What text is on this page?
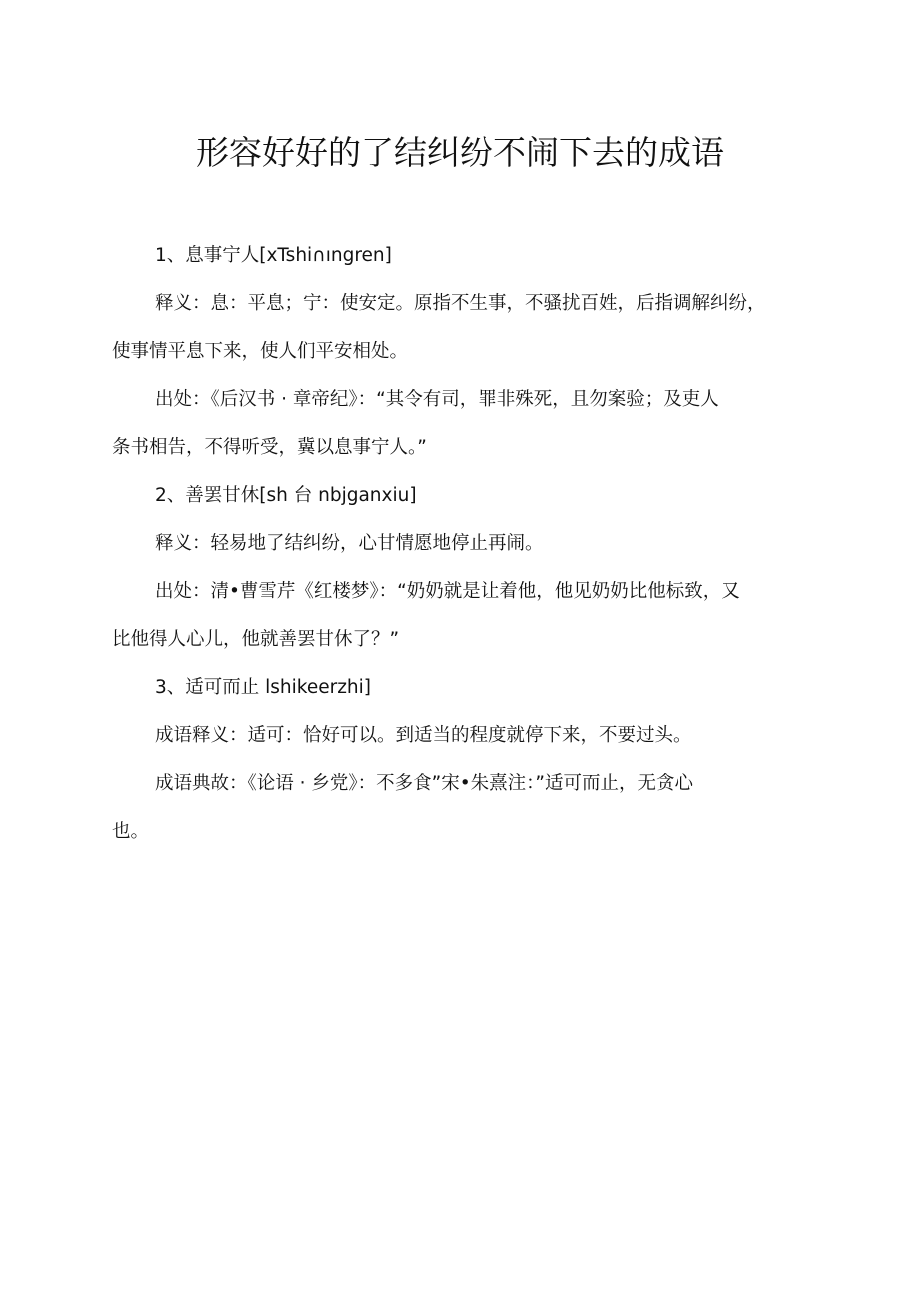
形容好好的了结纠纷不闹下去的成语
1、息事宁人[xTshi∩ıngren]
释义：息：平息；宁：使安定。原指不生事，不骚扰百姓，后指调解纠纷，
使事情平息下来，使人们平安相处。
出处：《后汉书 · 章帝纪》：“其令有司，罪非殊死，且勿案验；及吏人
条书相告，不得听受，冀以息事宁人。”
2、善罢甘休[sh 台 nbjganxiu]
释义：轻易地了结纠纷，心甘情愿地停止再闹。
出处：清•曹雪芹《红楼梦》：“奶奶就是让着他，他见奶奶比他标致，又
比他得人心儿，他就善罢甘休了？”
3、适可而止 lshikeerzhi]
成语释义：适可：恰好可以。到适当的程度就停下来，不要过头。
成语典故：《论语 · 乡党》：不多食”宋•朱熹注：”适可而止，无贪心
也。
